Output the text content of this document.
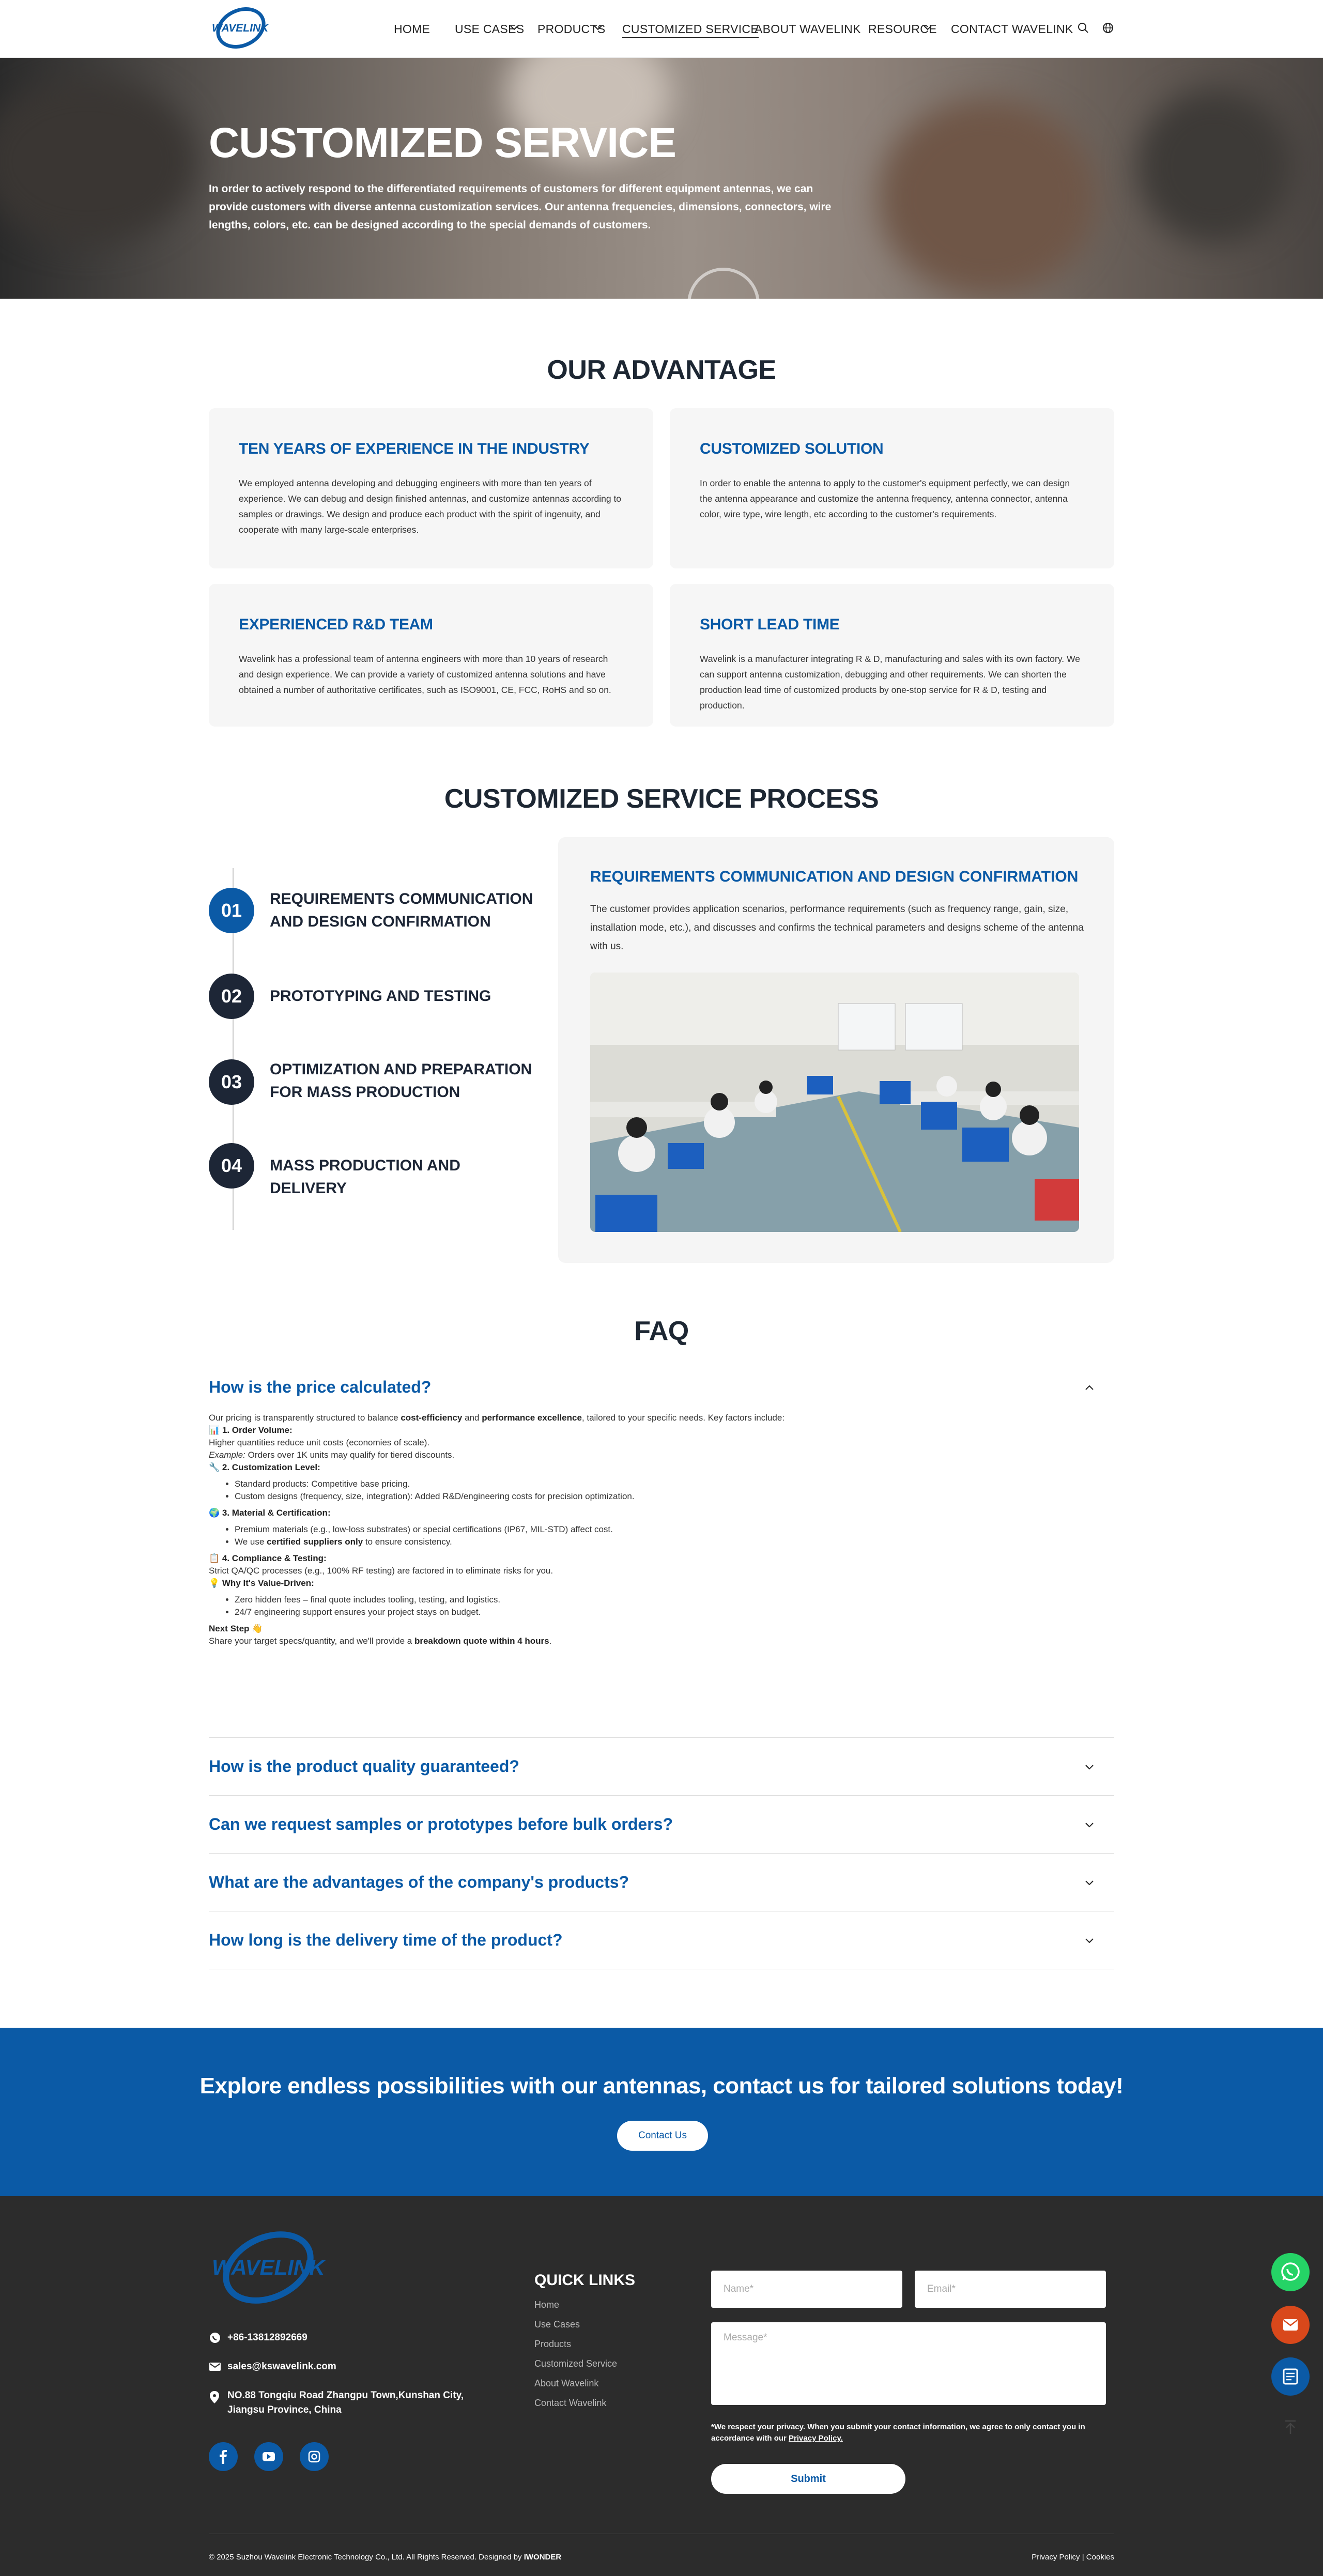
WAVELINK	HOME USE CASES PRODUCTS CUSTOMIZED SERVICE
ABOUT WAVELINK RESOURCE CONTACT WAVELINK
CUSTOMIZED SERVICE

In order to actively respond to the differentiated requirements of customers for different equipment antennas, we can provide customers with diverse antenna customization services. Our antenna frequencies, dimensions, connectors, wire lengths, colors, etc. can be designed according to the special demands of customers.

OUR ADVANTAGE
TEN YEARS OF EXPERIENCE IN THE INDUSTRY

We employed antenna developing and debugging engineers with more than ten years of experience. We can debug and design finished antennas, and customize antennas according to samples or drawings. We design and produce each product with the spirit of ingenuity, and cooperate with many large-scale enterprises.

CUSTOMIZED SOLUTION

In order to enable the antenna to apply to the customer's equipment perfectly, we can design the antenna appearance and customize the antenna frequency, antenna connector, antenna color, wire type, wire length, etc according to the customer's requirements.

EXPERIENCED R&D TEAM

Wavelink has a professional team of antenna engineers with more than 10 years of research and design experience. We can provide a variety of customized antenna solutions and have obtained a number of authoritative certificates, such as ISO9001, CE, FCC, RoHS and so on.

SHORT LEAD TIME

Wavelink is a manufacturer integrating R & D, manufacturing and sales with its own factory. We can support antenna customization, debugging and other requirements. We can shorten the production lead time of customized products by one-stop service for R & D, testing and production.

CUSTOMIZED SERVICE PROCESS
01
REQUIREMENTS COMMUNICATION AND DESIGN CONFIRMATION
02	PROTOTYPING AND TESTING
03
OPTIMIZATION AND PREPARATION FOR MASS PRODUCTION
04	MASS PRODUCTION AND DELIVERY
REQUIREMENTS COMMUNICATION AND DESIGN CONFIRMATION

The customer provides application scenarios, performance requirements (such as frequency range, gain, size, installation mode, etc.), and discusses and confirms the technical parameters and designs scheme of the antenna with us.

FAQ
How is the price calculated?
Our pricing is transparently structured to balance cost-efficiency and performance excellence, tailored to your specific needs. Key factors include:
📊 1. Order Volume:
Higher quantities reduce unit costs (economies of scale).
Example: Orders over 1K units may qualify for tiered discounts.
🔧 2. Customization Level:
• Standard products: Competitive base pricing.
• Custom designs (frequency, size, integration): Added R&D/engineering costs for precision optimization.
🌍 3. Material & Certification:
• Premium materials (e.g., low-loss substrates) or special certifications (IP67, MIL-STD) affect cost.
• We use certified suppliers only to ensure consistency.
📋 4. Compliance & Testing:
Strict QA/QC processes (e.g., 100% RF testing) are factored in to eliminate risks for you.
💡 Why It's Value-Driven:
• Zero hidden fees – final quote includes tooling, testing, and logistics.
• 24/7 engineering support ensures your project stays on budget.
Next Step 👋
Share your target specs/quantity, and we'll provide a breakdown quote within 4 hours.
How is the product quality guaranteed?
Can we request samples or prototypes before bulk orders?
What are the advantages of the company's products?
How long is the delivery time of the product?
Explore endless possibilities with our antennas, contact us for tailored solutions today!
Contact Us
WAVELINK
+86-13812892669
sales@kswavelink.com
NO.88 Tongqiu Road Zhangpu Town,Kunshan City, Jiangsu Province, China
QUICK LINKS
Home
Use Cases
Products
Customized Service
About Wavelink
Contact Wavelink
Name*	Email*
Message*
*We respect your privacy. When you submit your contact information, we agree to only contact you in accordance with our Privacy Policy.
Submit
© 2025 Suzhou Wavelink Electronic Technology Co., Ltd. All Rights Reserved. Designed by IWONDER	Privacy Policy | Cookies
